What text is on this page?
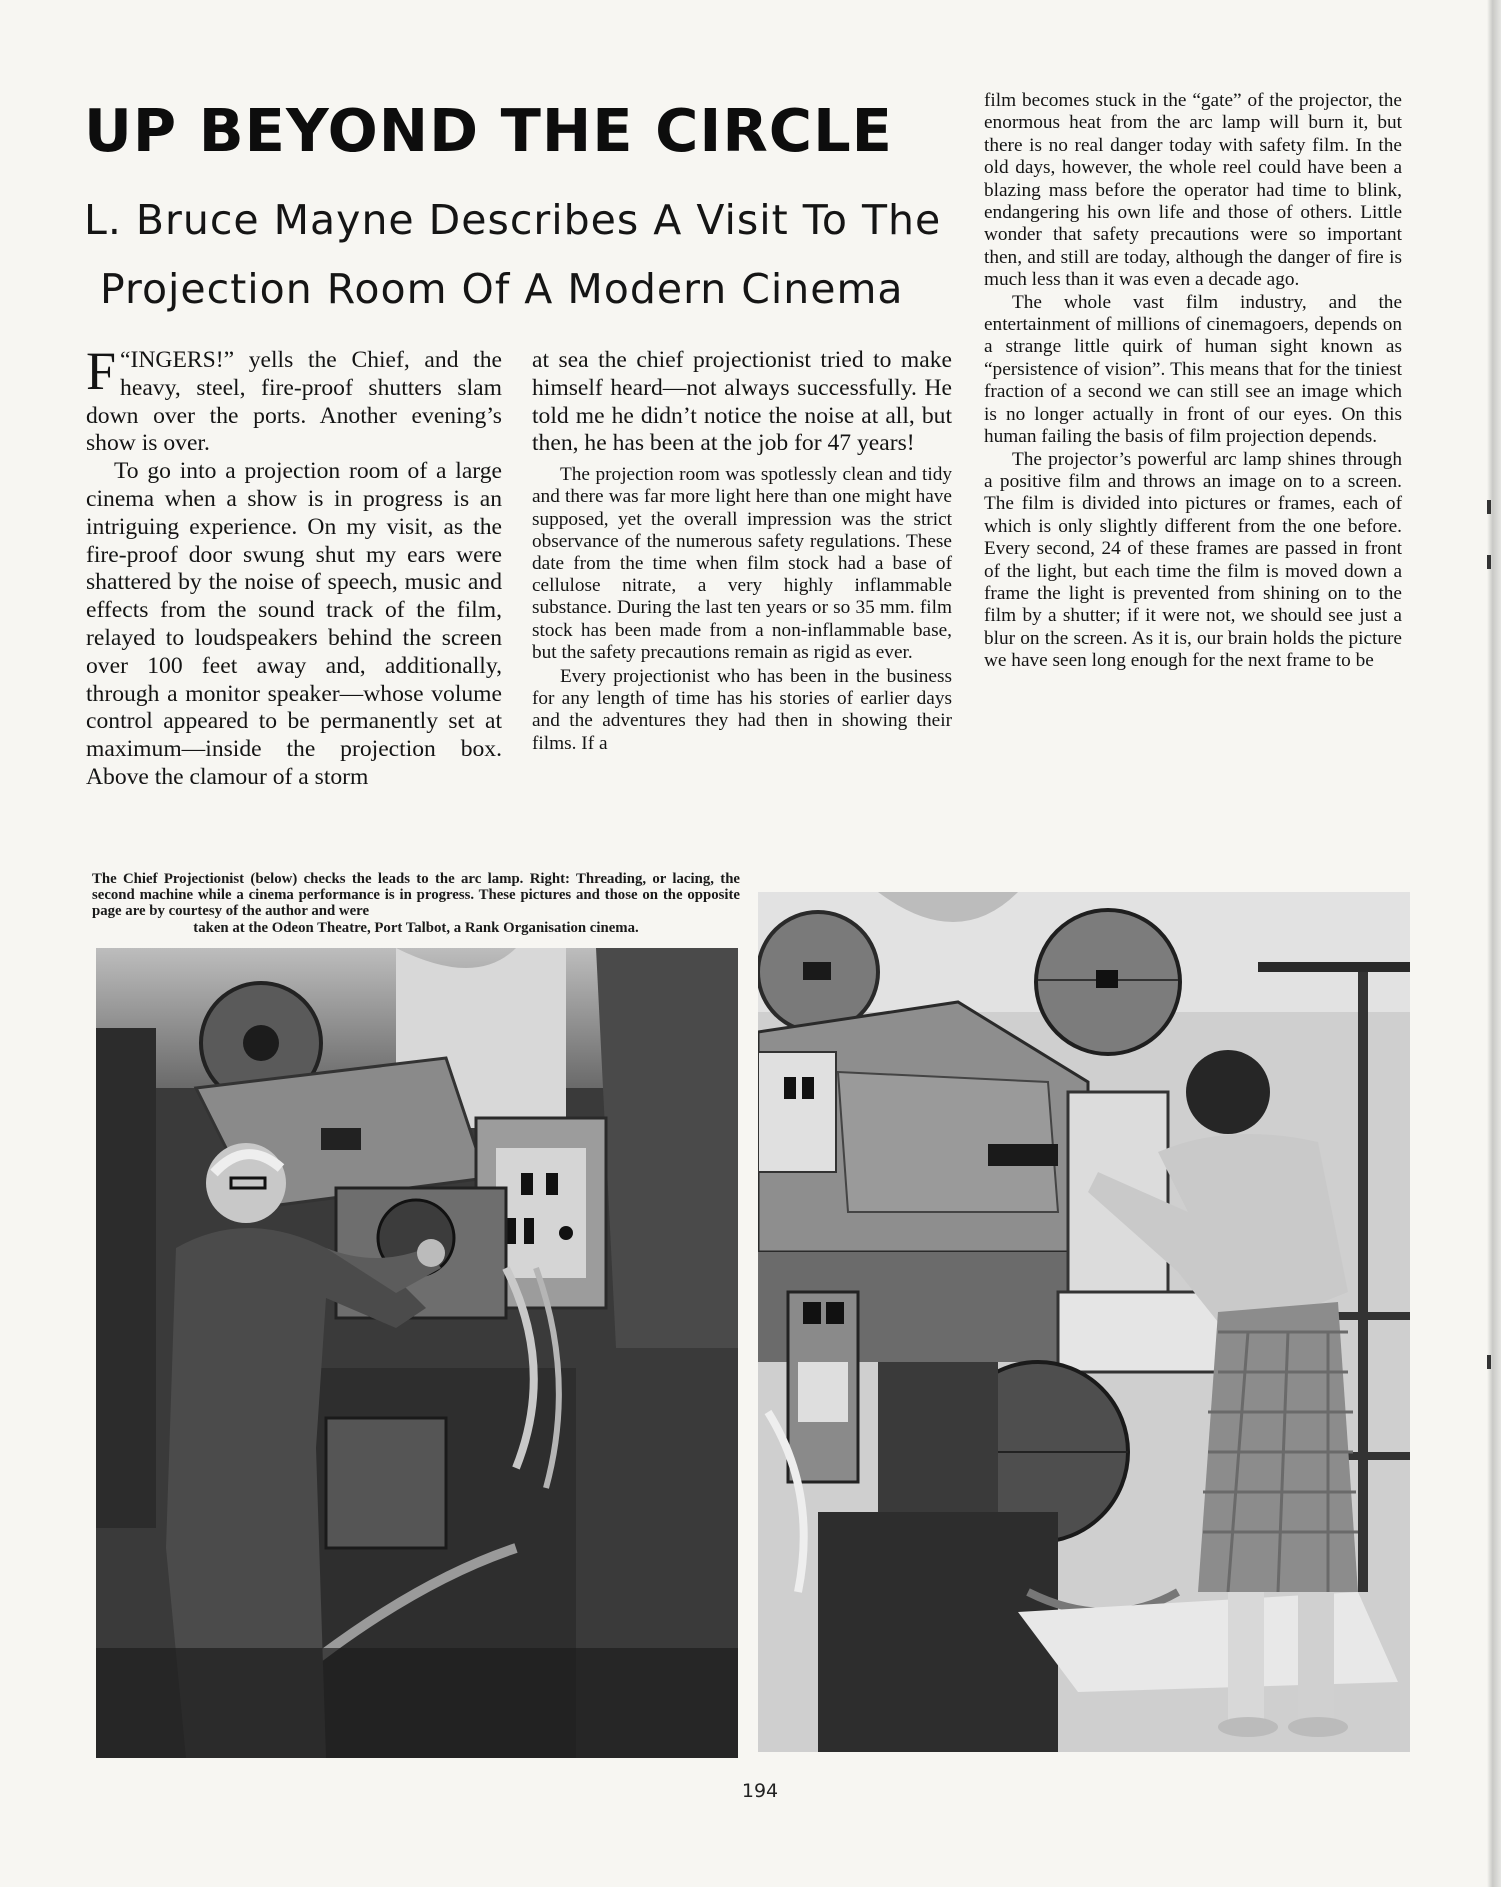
UP BEYOND THE CIRCLE
L. Bruce Mayne Describes A Visit To The
Projection Room Of A Modern Cinema

“
F INGERS!” yells the Chief, and the heavy, steel, fire-proof shutters slam down over the ports. Another evening’s show is over.

To go into a projection room of a large cinema when a show is in progress is an intriguing experience. On my visit, as the fire-proof door swung shut my ears were shattered by the noise of speech, music and effects from the sound track of the film, relayed to loudspeakers behind the screen over 100 feet away and, additionally, through a monitor speaker—whose volume control appeared to be permanently set at maximum—inside the projection box. Above the clamour of a storm

at sea the chief projectionist tried to make himself heard—not always successfully. He told me he didn’t notice the noise at all, but then, he has been at the job for 47 years!

The projection room was spotlessly clean and tidy and there was far more light here than one might have supposed, yet the overall impression was the strict observance of the numerous safety regulations. These date from the time when film stock had a base of cellulose nitrate, a very highly inflammable substance. During the last ten years or so 35 mm. film stock has been made from a non-inflammable base, but the safety precautions remain as rigid as ever.

Every projectionist who has been in the business for any length of time has his stories of earlier days and the adventures they had then in showing their films. If a

film becomes stuck in the “gate” of the projector, the enormous heat from the arc lamp will burn it, but there is no real danger today with safety film. In the old days, however, the whole reel could have been a blazing mass before the operator had time to blink, endangering his own life and those of others. Little wonder that safety precautions were so important then, and still are today, although the danger of fire is much less than it was even a decade ago.

The whole vast film industry, and the entertainment of millions of cinemagoers, depends on a strange little quirk of human sight known as “persistence of vision”. This means that for the tiniest fraction of a second we can still see an image which is no longer actually in front of our eyes. On this human failing the basis of film projection depends.

The projector’s powerful arc lamp shines through a positive film and throws an image on to a screen. The film is divided into pictures or frames, each of which is only slightly different from the one before. Every second, 24 of these frames are passed in front of the light, but each time the film is moved down a frame the light is prevented from shining on to the film by a shutter; if it were not, we should see just a blur on the screen. As it is, our brain holds the picture we have seen long enough for the next frame to be

The Chief Projectionist (below) checks the leads to the arc lamp. Right: Threading, or lacing, the second machine while a cinema performance is in progress. These pictures and those on the opposite page are by courtesy of the author and were
taken at the Odeon Theatre, Port Talbot, a Rank Organisation cinema.
194
